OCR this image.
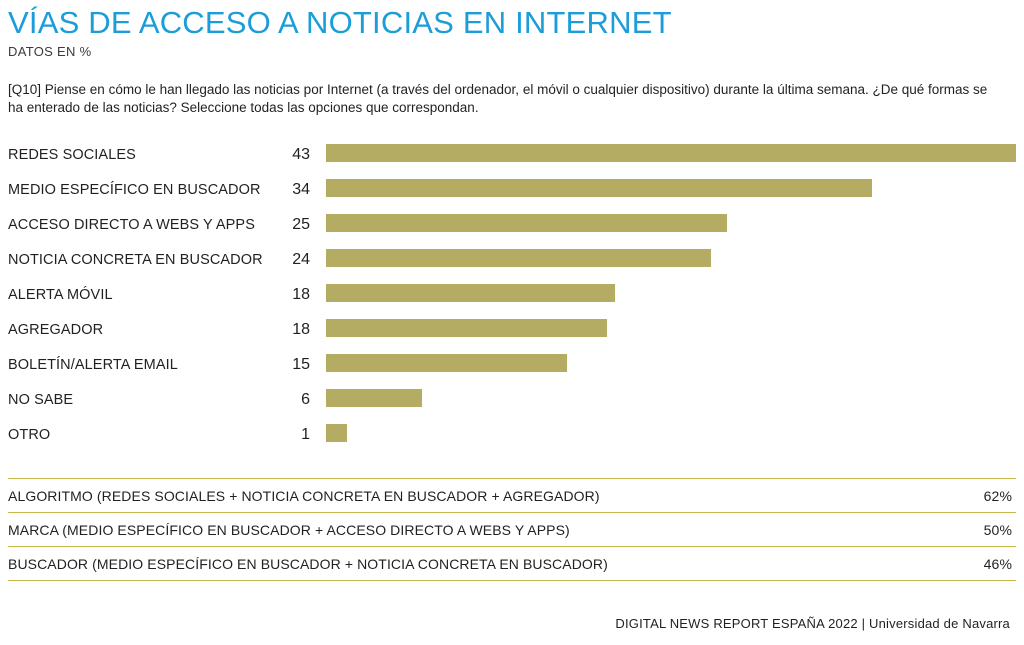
VÍAS DE ACCESO A NOTICIAS EN INTERNET
DATOS EN %
[Q10] Piense en cómo le han llegado las noticias por Internet (a través del ordenador, el móvil o cualquier dispositivo) durante la última semana. ¿De qué formas se ha enterado de las noticias? Seleccione todas las opciones que correspondan.
REDES SOCIALES	43
MEDIO ESPECÍFICO EN BUSCADOR	34
ACCESO DIRECTO A WEBS Y APPS	25
NOTICIA CONCRETA EN BUSCADOR	24
ALERTA MÓVIL	18
AGREGADOR	18
BOLETÍN/ALERTA EMAIL	15
NO SABE	6
OTRO	1
ALGORITMO (REDES SOCIALES + NOTICIA CONCRETA EN BUSCADOR + AGREGADOR)	62%
MARCA (MEDIO ESPECÍFICO EN BUSCADOR + ACCESO DIRECTO A WEBS Y APPS)	50%
BUSCADOR (MEDIO ESPECÍFICO EN BUSCADOR + NOTICIA CONCRETA EN BUSCADOR)	46%
DIGITAL NEWS REPORT ESPAÑA 2022 | Universidad de Navarra
